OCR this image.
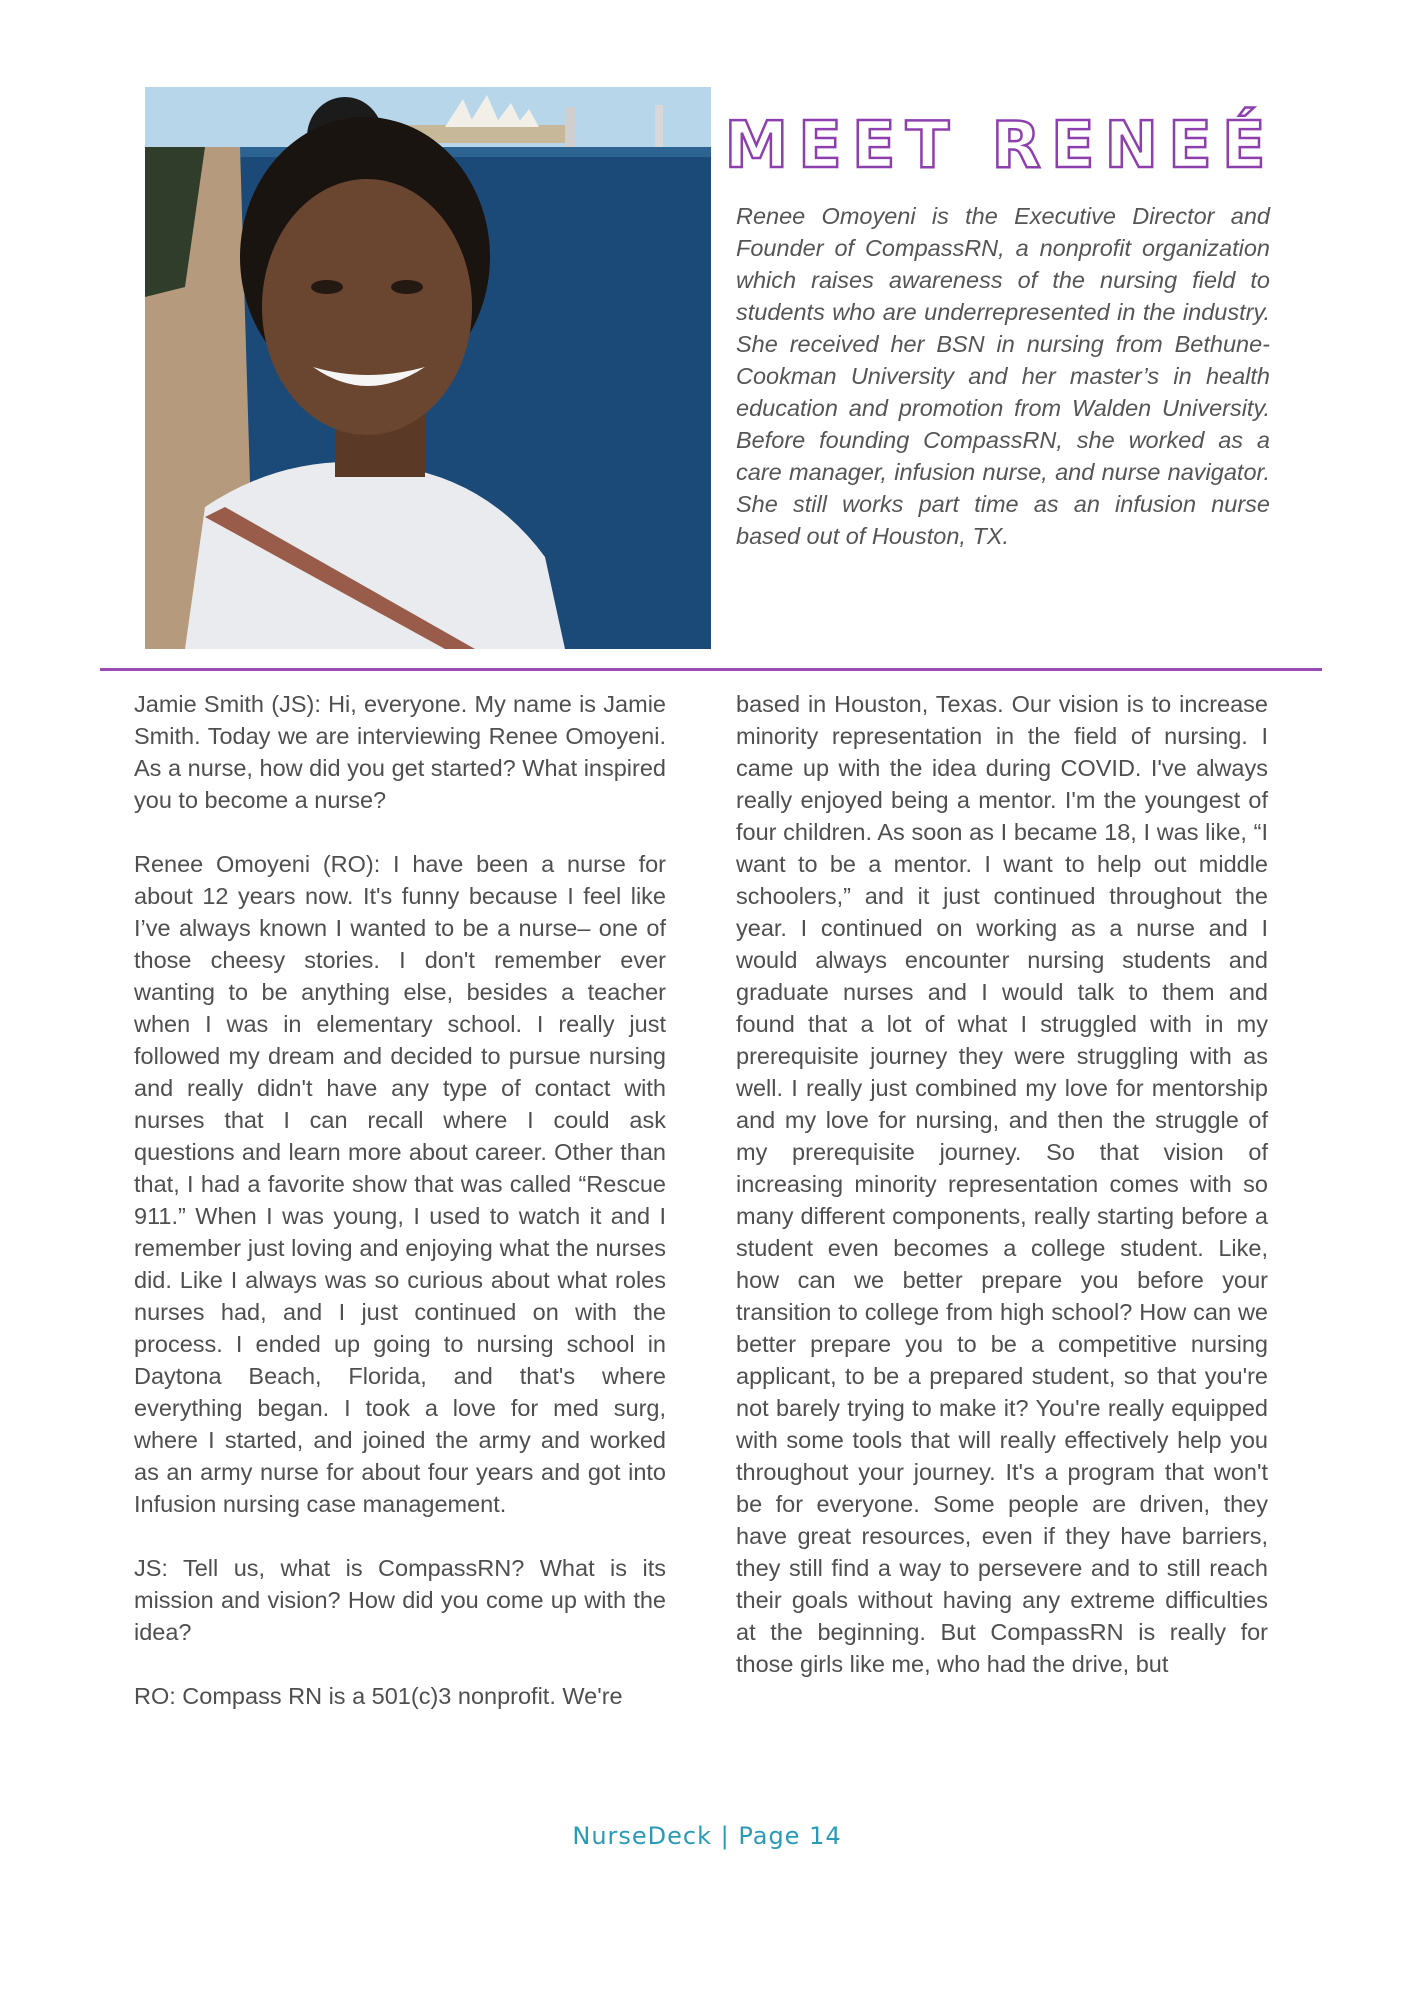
MEET RENEÉ

Renee Omoyeni is the Executive Director and Founder of CompassRN, a nonprofit organization which raises awareness of the nursing field to students who are underrepresented in the industry. She received her BSN in nursing from Bethune-Cookman University and her master’s in health education and promotion from Walden University. Before founding CompassRN, she worked as a care manager, infusion nurse, and nurse navigator. She still works part time as an infusion nurse based out of Houston, TX.

Jamie Smith (JS): Hi, everyone. My name is Jamie Smith. Today we are interviewing Renee Omoyeni. As a nurse, how did you get started? What inspired you to become a nurse?

Renee Omoyeni (RO): I have been a nurse for about 12 years now. It's funny because I feel like I’ve always known I wanted to be a nurse– one of those cheesy stories. I don't remember ever wanting to be anything else, besides a teacher when I was in elementary school. I really just followed my dream and decided to pursue nursing and really didn't have any type of contact with nurses that I can recall where I could ask questions and learn more about career. Other than that, I had a favorite show that was called “Rescue 911.” When I was young, I used to watch it and I remember just loving and enjoying what the nurses did. Like I always was so curious about what roles nurses had, and I just continued on with the process. I ended up going to nursing school in Daytona Beach, Florida, and that's where everything began. I took a love for med surg, where I started, and joined the army and worked as an army nurse for about four years and got into Infusion nursing case management.

JS: Tell us, what is CompassRN? What is its mission and vision? How did you come up with the idea?

RO: Compass RN is a 501(c)3 nonprofit. We're

based in Houston, Texas. Our vision is to increase minority representation in the field of nursing. I came up with the idea during COVID. I've always really enjoyed being a mentor. I'm the youngest of four children. As soon as I became 18, I was like, “I want to be a mentor. I want to help out middle schoolers,” and it just continued throughout the year. I continued on working as a nurse and I would always encounter nursing students and graduate nurses and I would talk to them and found that a lot of what I struggled with in my prerequisite journey they were struggling with as well. I really just combined my love for mentorship and my love for nursing, and then the struggle of my prerequisite journey. So that vision of increasing minority representation comes with so many different components, really starting before a student even becomes a college student. Like, how can we better prepare you before your transition to college from high school? How can we better prepare you to be a competitive nursing applicant, to be a prepared student, so that you're not barely trying to make it? You're really equipped with some tools that will really effectively help you throughout your journey. It's a program that won't be for everyone. Some people are driven, they have great resources, even if they have barriers, they still find a way to persevere and to still reach their goals without having any extreme difficulties at the beginning. But CompassRN is really for those girls like me, who had the drive, but

NurseDeck | Page 14
